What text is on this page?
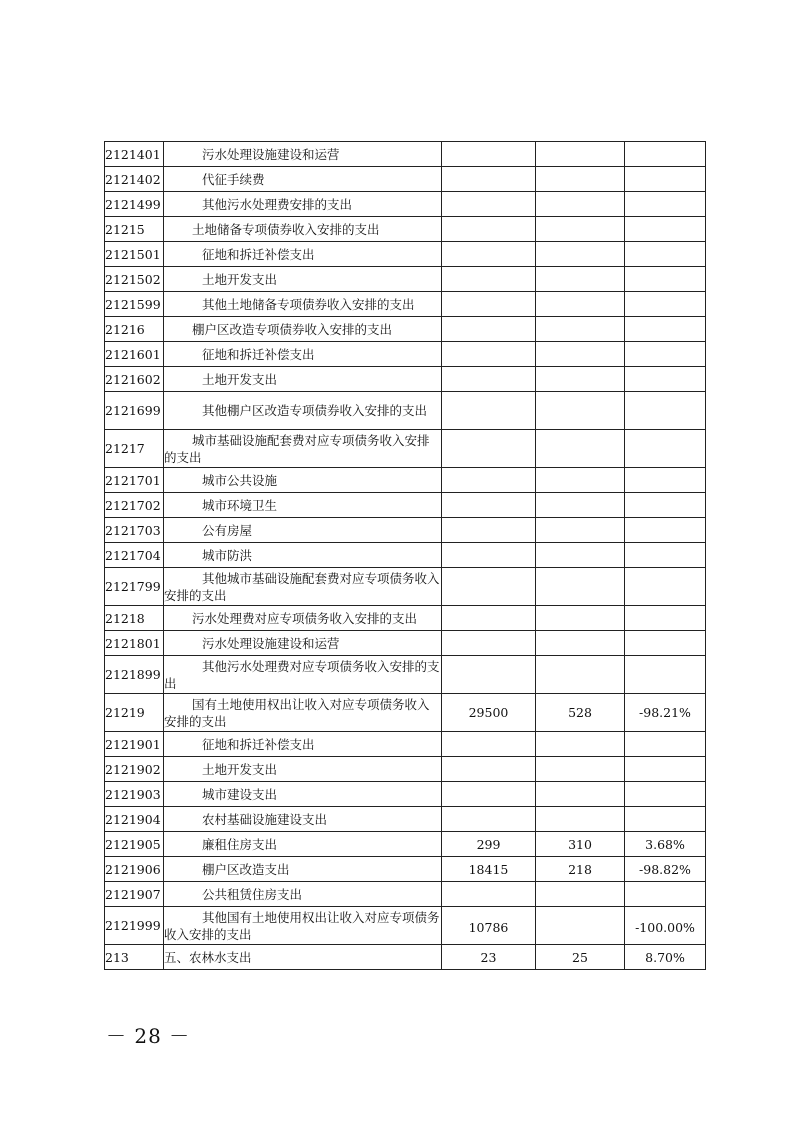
2121401	污水处理设施建设和运营			
2121402	代征手续费			
2121499	其他污水处理费安排的支出			
21215	土地储备专项债券收入安排的支出			
2121501	征地和拆迁补偿支出			
2121502	土地开发支出			
2121599	其他土地储备专项债券收入安排的支出			
21216	棚户区改造专项债券收入安排的支出			
2121601	征地和拆迁补偿支出			
2121602	土地开发支出			
2121699	其他棚户区改造专项债券收入安排的支出			
21217	城市基础设施配套费对应专项债务收入安排的支出			
2121701	城市公共设施			
2121702	城市环境卫生			
2121703	公有房屋			
2121704	城市防洪			
2121799	其他城市基础设施配套费对应专项债务收入安排的支出			
21218	污水处理费对应专项债务收入安排的支出			
2121801	污水处理设施建设和运营			
2121899	其他污水处理费对应专项债务收入安排的支出			
21219	国有土地使用权出让收入对应专项债务收入安排的支出	29500	528	-98.21%
2121901	征地和拆迁补偿支出			
2121902	土地开发支出			
2121903	城市建设支出			
2121904	农村基础设施建设支出			
2121905	廉租住房支出	299	310	3.68%
2121906	棚户区改造支出	18415	218	-98.82%
2121907	公共租赁住房支出			
2121999	其他国有土地使用权出让收入对应专项债务收入安排的支出	10786		-100.00%
213	五、农林水支出	23	25	8.70%
－ 28 －
